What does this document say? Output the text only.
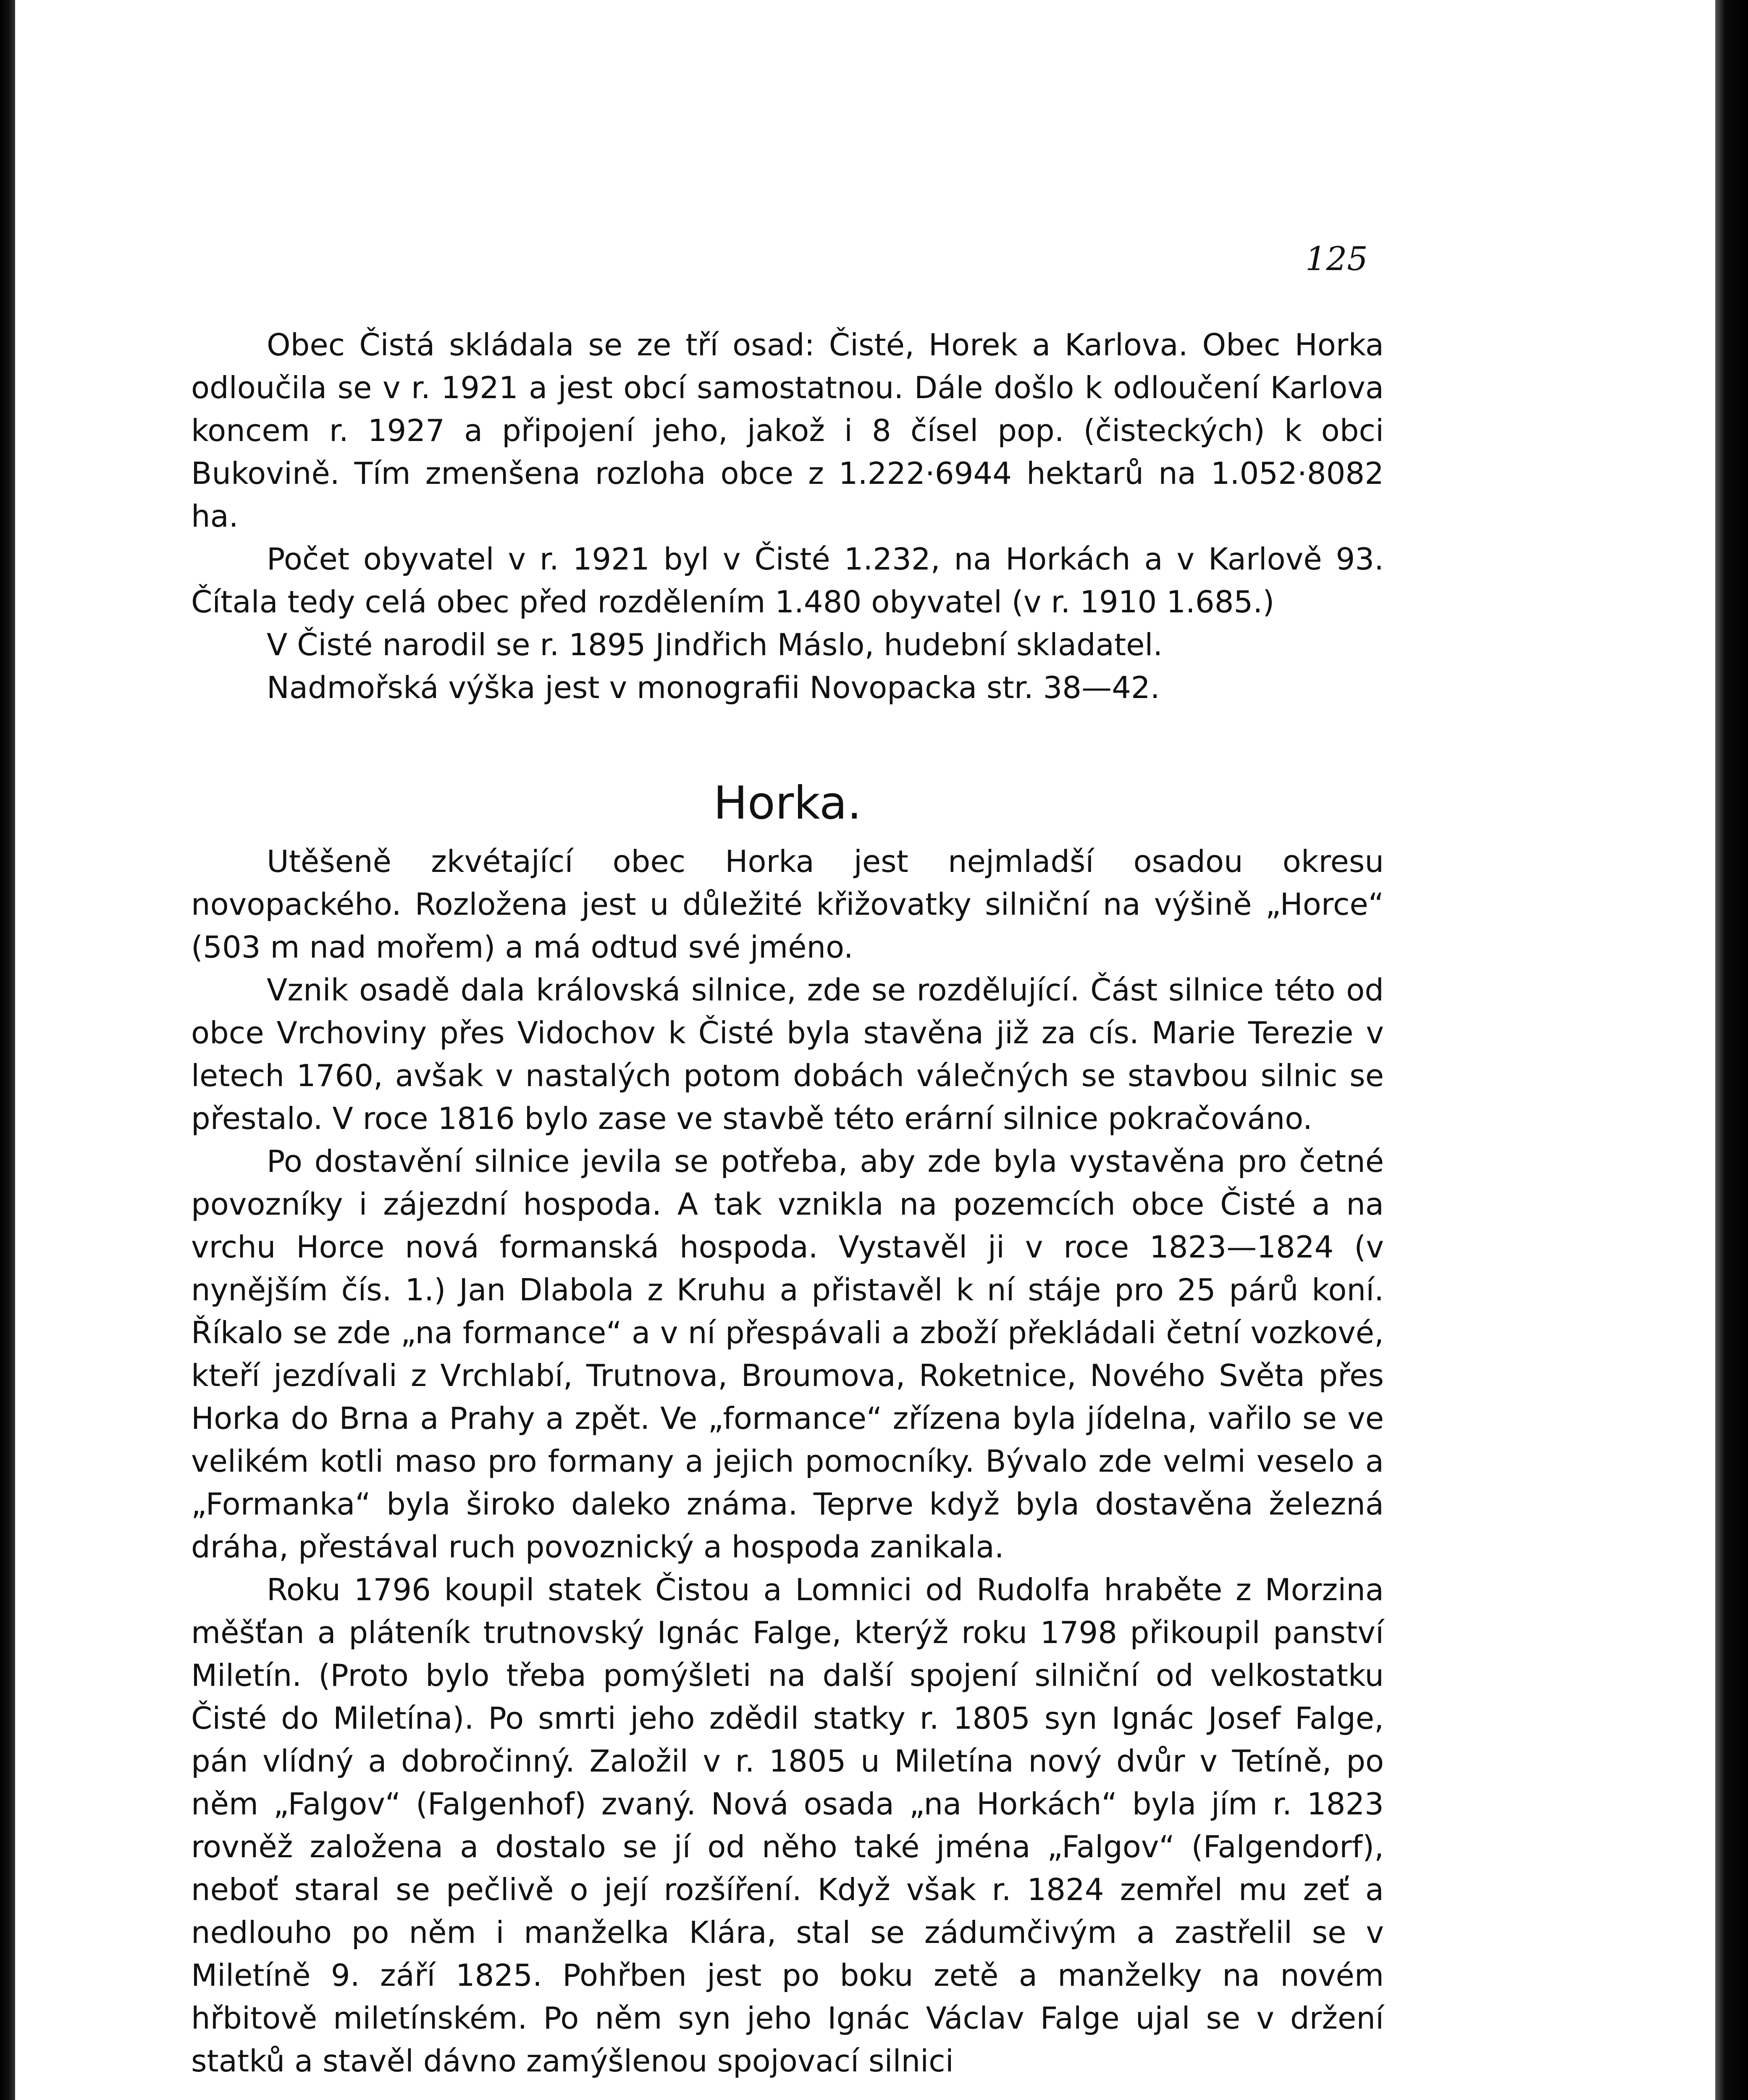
125

Obec Čistá skládala se ze tří osad: Čisté, Horek a Karlova. Obec Horka odloučila se v r. 1921 a jest obcí samostatnou. Dále došlo k odloučení Karlova koncem r. 1927 a připojení jeho, jakož i 8 čísel pop. (čisteckých) k obci Bukovině. Tím zmenšena rozloha obce z 1.222·6944 hektarů na 1.052·8082 ha.

Počet obyvatel v r. 1921 byl v Čisté 1.232, na Horkách a v Karlově 93. Čítala tedy celá obec před rozdělením 1.480 obyvatel (v r. 1910 1.685.)

V Čisté narodil se r. 1895 Jindřich Máslo, hudební skladatel.

Nadmořská výška jest v monografii Novopacka str. 38—42.

Horka.

Utěšeně zkvétající obec Horka jest nejmladší osadou okresu novopackého. Rozložena jest u důležité křižovatky silniční na výšině „Horce“ (503 m nad mořem) a má odtud své jméno.

Vznik osadě dala královská silnice, zde se rozdělující. Část silnice této od obce Vrchoviny přes Vidochov k Čisté byla stavěna již za cís. Marie Terezie v letech 1760, avšak v nastalých potom dobách válečných se stavbou silnic se přestalo. V roce 1816 bylo zase ve stavbě této erární silnice pokračováno.

Po dostavění silnice jevila se potřeba, aby zde byla vystavěna pro četné povozníky i zájezdní hospoda. A tak vznikla na pozemcích obce Čisté a na vrchu Horce nová formanská hospoda. Vystavěl ji v roce 1823—1824 (v nynějším čís. 1.) Jan Dlabola z Kruhu a přistavěl k ní stáje pro 25 párů koní. Říkalo se zde „na formance“ a v ní přespávali a zboží překládali četní vozkové, kteří jezdívali z Vrchlabí, Trutnova, Broumova, Roketnice, Nového Světa přes Horka do Brna a Prahy a zpět. Ve „formance“ zřízena byla jídelna, vařilo se ve velikém kotli maso pro formany a jejich pomocníky. Bývalo zde velmi veselo a „Formanka“ byla široko daleko známa. Teprve když byla dostavěna železná dráha, přestával ruch povoznický a hospoda zanikala.

Roku 1796 koupil statek Čistou a Lomnici od Rudolfa hraběte z Morzina měšťan a pláteník trutnovský Ignác Falge, kterýž roku 1798 přikoupil panství Miletín. (Proto bylo třeba pomýšleti na další spojení silniční od velkostatku Čisté do Miletína). Po smrti jeho zdědil statky r. 1805 syn Ignác Josef Falge, pán vlídný a dobročinný. Založil v r. 1805 u Miletína nový dvůr v Tetíně, po něm „Falgov“ (Falgenhof) zvaný. Nová osada „na Horkách“ byla jím r. 1823 rovněž založena a dostalo se jí od něho také jména „Falgov“ (Falgendorf), neboť staral se pečlivě o její rozšíření. Když však r. 1824 zemřel mu zeť a nedlouho po něm i manželka Klára, stal se zádumčivým a zastřelil se v Miletíně 9. září 1825. Pohřben jest po boku zetě a manželky na novém hřbitově miletínském. Po něm syn jeho Ignác Václav Falge ujal se v držení statků a stavěl dávno zamýšlenou spojovací silnici
